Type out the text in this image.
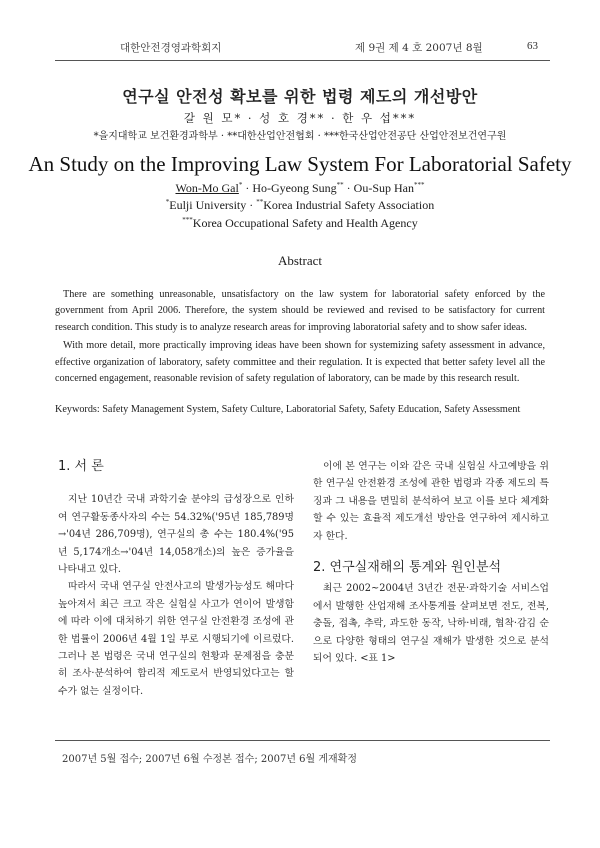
대한안전경영과학회지	제 9권 제 4 호 2007년 8월	63
연구실 안전성 확보를 위한 법령 제도의 개선방안
갈 원 모* · 성 호 경** · 한 우 섭***
*을지대학교 보건환경과학부 · **대한산업안전협회 · ***한국산업안전공단 산업안전보건연구원
An Study on the Improving Law System For Laboratorial Safety
Won-Mo Gal* · Ho-Gyeong Sung** · Ou-Sup Han***
*Eulji University · **Korea Industrial Safety Association
***Korea Occupational Safety and Health Agency
Abstract

There are something unreasonable, unsatisfactory on the law system for laboratorial safety enforced by the government from April 2006. Therefore, the system should be reviewed and revised to be satisfactory for current research condition. This study is to analyze research areas for improving laboratorial safety and to show safer ideas.

With more detail, more practically improving ideas have been shown for systemizing safety assessment in advance, effective organization of laboratory, safety committee and their regulation. It is expected that better safety level all the concerned engagement, reasonable revision of safety regulation of laboratory, can be made by this research result.

Keywords: Safety Management System, Safety Culture, Laboratorial Safety, Safety Education, Safety Assessment
1. 서 론

지난 10년간 국내 과학기술 분야의 급성장으로 인하여 연구활동종사자의 수는 54.32%('95년 185,789명→'04년 286,709명), 연구실의 총 수는 180.4%('95년 5,174개소→'04년 14,058개소)의 높은 증가율을 나타내고 있다.

따라서 국내 연구실 안전사고의 발생가능성도 해마다 높아져서 최근 크고 작은 실험실 사고가 연이어 발생함에 따라 이에 대처하기 위한 연구실 안전환경 조성에 관한 법률이 2006년 4월 1일 부로 시행되기에 이르렀다. 그러나 본 법령은 국내 연구실의 현황과 문제점을 충분히 조사·분석하여 합리적 제도로서 반영되었다고는 할 수가 없는 실정이다.

이에 본 연구는 이와 같은 국내 실험실 사고예방을 위한 연구실 안전환경 조성에 관한 법령과 각종 제도의 특징과 그 내용을 면밀히 분석하여 보고 이를 보다 체계화할 수 있는 효율적 제도개선 방안을 연구하여 제시하고자 한다.

2. 연구실재해의 통계와 원인분석

최근 2002~2004년 3년간 전문·과학기술 서비스업에서 발행한 산업재해 조사통계를 살펴보면 전도, 전복, 충돌, 접촉, 추락, 과도한 동작, 낙하·비래, 협착·감김 순으로 다양한 형태의 연구실 재해가 발생한 것으로 분석되어 있다. <표 1>

2007년 5월 접수; 2007년 6월 수정본 접수; 2007년 6월 게재확정
